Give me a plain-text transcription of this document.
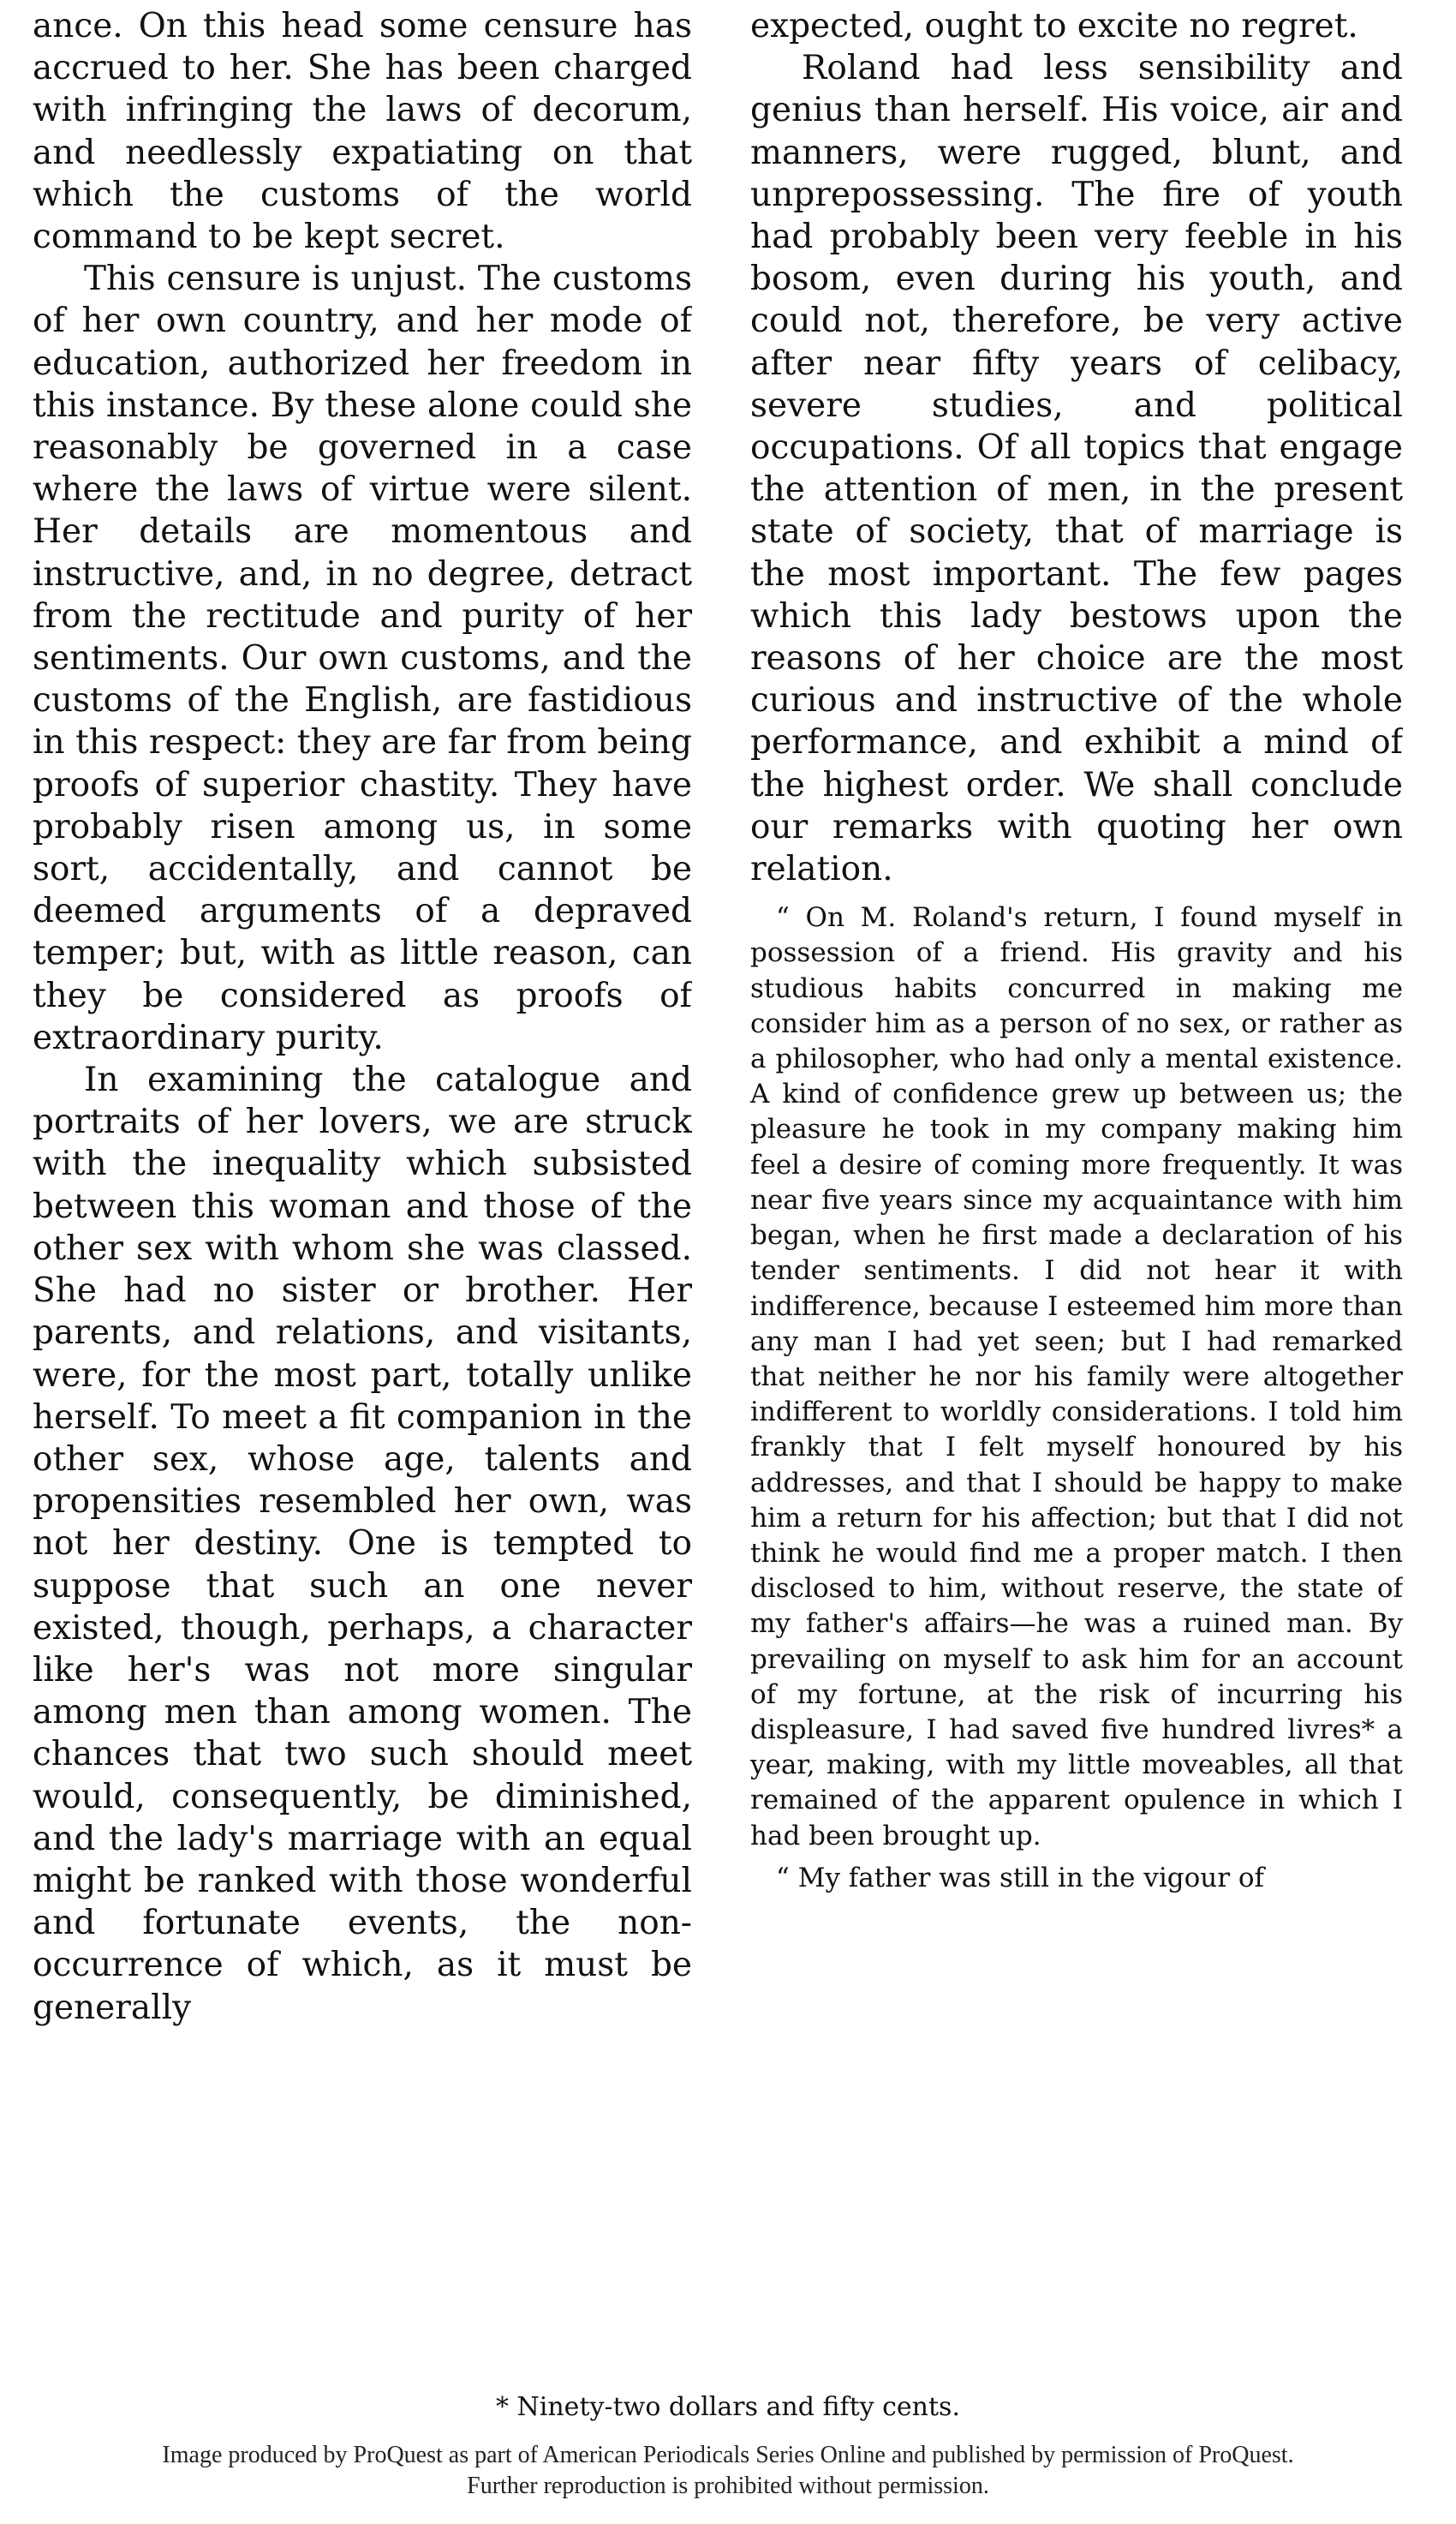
ance. On this head some censure has accrued to her. She has been charged with infringing the laws of decorum, and needlessly expatiating on that which the customs of the world command to be kept secret.

This censure is unjust. The customs of her own country, and her mode of education, authorized her freedom in this instance. By these alone could she reasonably be governed in a case where the laws of virtue were silent. Her details are momentous and instructive, and, in no degree, detract from the rectitude and purity of her sentiments. Our own customs, and the customs of the English, are fastidious in this respect: they are far from being proofs of superior chastity. They have probably risen among us, in some sort, accidentally, and cannot be deemed arguments of a depraved temper; but, with as little reason, can they be considered as proofs of extraordinary purity.

In examining the catalogue and portraits of her lovers, we are struck with the inequality which subsisted between this woman and those of the other sex with whom she was classed. She had no sister or brother. Her parents, and relations, and visitants, were, for the most part, totally unlike herself. To meet a fit companion in the other sex, whose age, talents and propensities resembled her own, was not her destiny. One is tempted to suppose that such an one never existed, though, perhaps, a character like her's was not more singular among men than among women. The chances that two such should meet would, consequently, be diminished, and the lady's marriage with an equal might be ranked with those wonderful and fortunate events, the non-occurrence of which, as it must be generally

expected, ought to excite no regret.

Roland had less sensibility and genius than herself. His voice, air and manners, were rugged, blunt, and unprepossessing. The fire of youth had probably been very feeble in his bosom, even during his youth, and could not, therefore, be very active after near fifty years of celibacy, severe studies, and political occupations. Of all topics that engage the attention of men, in the present state of society, that of marriage is the most important. The few pages which this lady bestows upon the reasons of her choice are the most curious and instructive of the whole performance, and exhibit a mind of the highest order. We shall conclude our remarks with quoting her own relation.

“ On M. Roland's return, I found myself in possession of a friend. His gravity and his studious habits concurred in making me consider him as a person of no sex, or rather as a philosopher, who had only a mental existence. A kind of confidence grew up between us; the pleasure he took in my company making him feel a desire of coming more frequently. It was near five years since my acquaintance with him began, when he first made a declaration of his tender sentiments. I did not hear it with indifference, because I esteemed him more than any man I had yet seen; but I had remarked that neither he nor his family were altogether indifferent to worldly considerations. I told him frankly that I felt myself honoured by his addresses, and that I should be happy to make him a return for his affection; but that I did not think he would find me a proper match. I then disclosed to him, without reserve, the state of my father's affairs—he was a ruined man. By prevailing on myself to ask him for an account of my fortune, at the risk of incurring his displeasure, I had saved five hundred livres* a year, making, with my little moveables, all that remained of the apparent opulence in which I had been brought up.

“ My father was still in the vigour of

* Ninety-two dollars and fifty cents.
Image produced by ProQuest as part of American Periodicals Series Online and published by permission of ProQuest.
Further reproduction is prohibited without permission.
